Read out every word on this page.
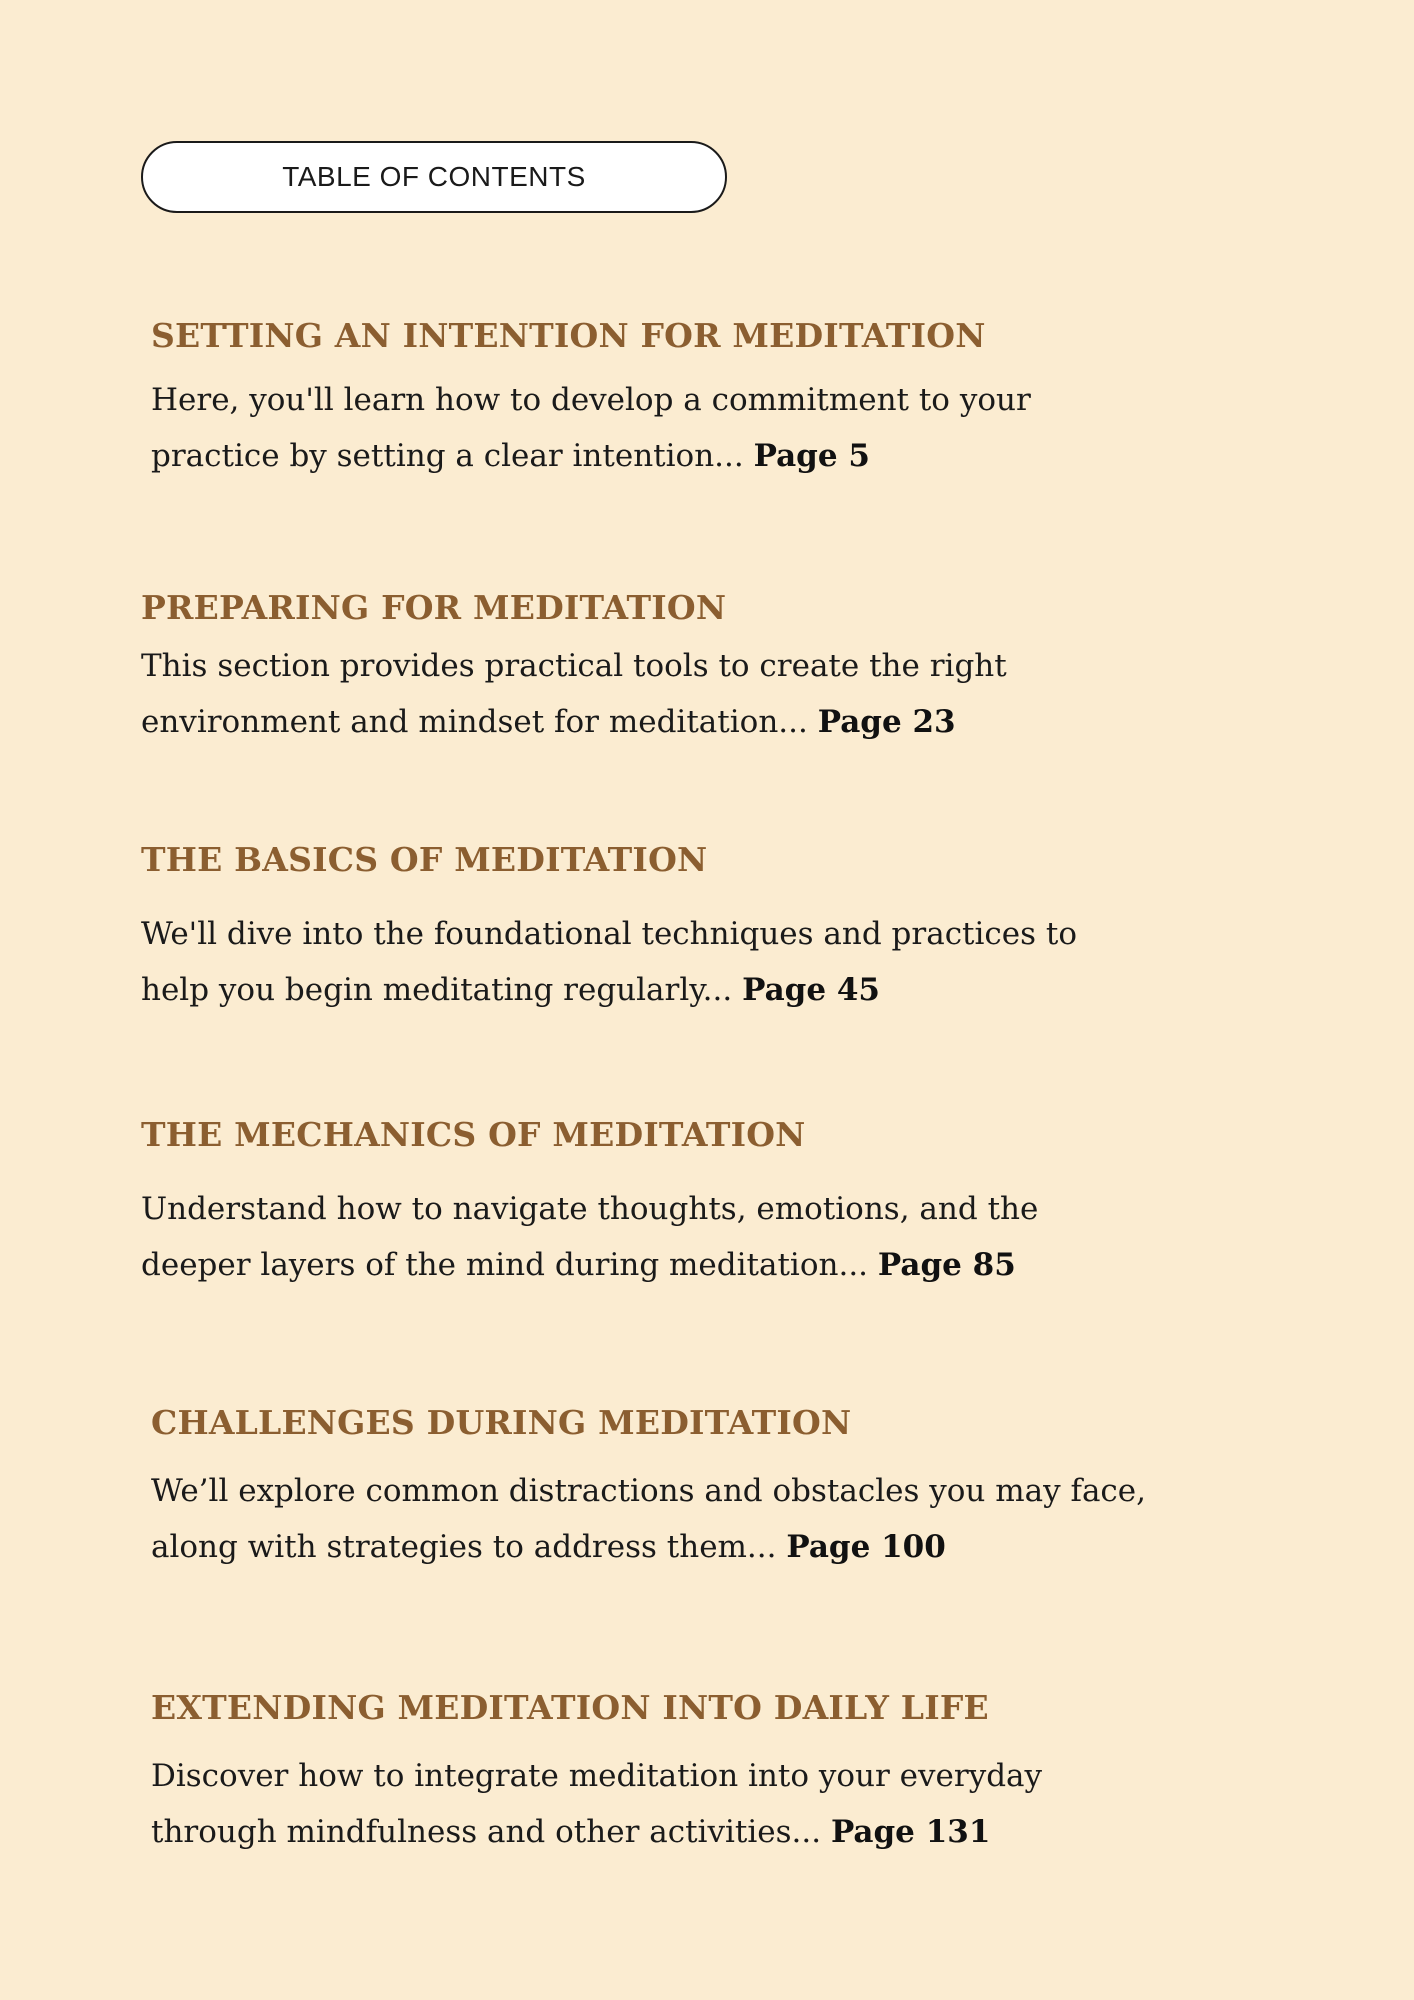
TABLE OF CONTENTS
SETTING AN INTENTION FOR MEDITATION

Here, you'll learn how to develop a commitment to your practice by setting a clear intention... Page 5

PREPARING FOR MEDITATION

This section provides practical tools to create the right environment and mindset for meditation... Page 23

THE BASICS OF MEDITATION

We'll dive into the foundational techniques and practices to help you begin meditating regularly... Page 45

THE MECHANICS OF MEDITATION

Understand how to navigate thoughts, emotions, and the deeper layers of the mind during meditation... Page 85

CHALLENGES DURING MEDITATION

We’ll explore common distractions and obstacles you may face, along with strategies to address them... Page 100

EXTENDING MEDITATION INTO DAILY LIFE

Discover how to integrate meditation into your everyday through mindfulness and other activities... Page 131
